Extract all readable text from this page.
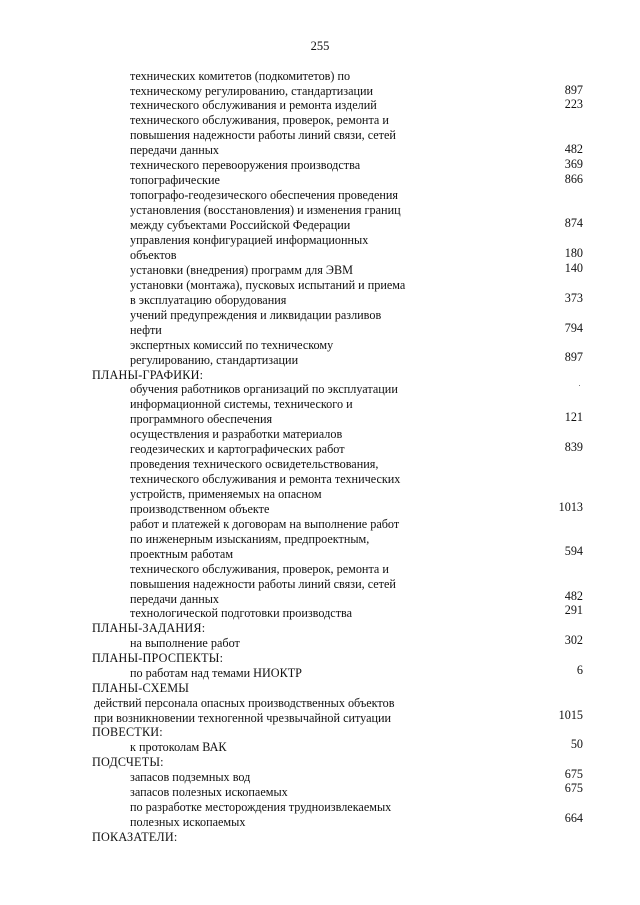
255
технических комитетов (подкомитетов) по
техническому регулированию, стандартизации	897
технического обслуживания и ремонта изделий	223
технического обслуживания, проверок, ремонта и
повышения надежности работы линий связи, сетей
передачи данных	482
технического перевооружения производства	369
топографические	866
топографо-геодезического обеспечения проведения
установления (восстановления) и изменения границ
между субъектами Российской Федерации	874
управления конфигурацией информационных
объектов	180
установки (внедрения) программ для ЭВМ	140
установки (монтажа), пусковых испытаний и приема
в эксплуатацию оборудования	373
учений предупреждения и ликвидации разливов
нефти	794
экспертных комиссий по техническому
регулированию, стандартизации	897
ПЛАНЫ-ГРАФИКИ:
обучения работников организаций по эксплуатации
информационной системы, технического и
программного обеспечения	121
осуществления и разработки материалов
геодезических и картографических работ	839
проведения технического освидетельствования,
технического обслуживания и ремонта технических
устройств, применяемых на опасном
производственном объекте	1013
работ и платежей к договорам на выполнение работ
по инженерным изысканиям, предпроектным,
проектным работам	594
технического обслуживания, проверок, ремонта и
повышения надежности работы линий связи, сетей
передачи данных	482
технологической подготовки производства	291
ПЛАНЫ-ЗАДАНИЯ:
на выполнение работ	302
ПЛАНЫ-ПРОСПЕКТЫ:
по работам над темами НИОКТР	6
ПЛАНЫ-СХЕМЫ
действий персонала опасных производственных объектов
при возникновении техногенной чрезвычайной ситуации	1015
ПОВЕСТКИ:
к протоколам ВАК	50
ПОДСЧЕТЫ:
запасов подземных вод	675
запасов полезных ископаемых	675
по разработке месторождения трудноизвлекаемых
полезных ископаемых	664
ПОКАЗАТЕЛИ:
